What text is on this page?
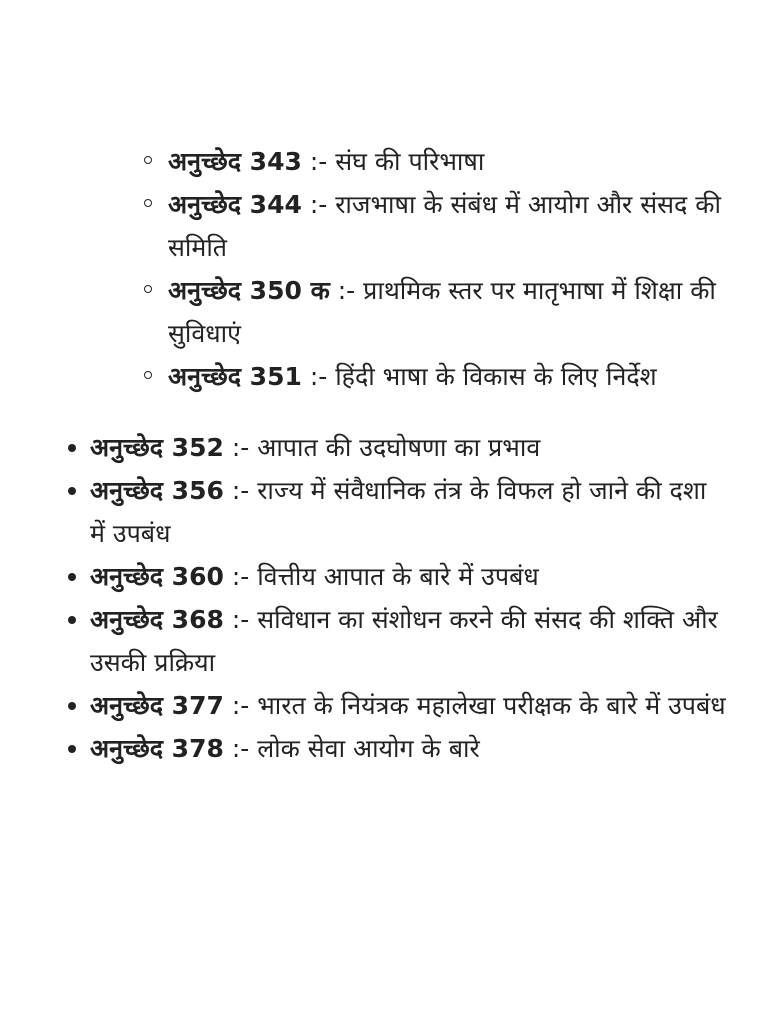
अनुच्छेद 343 :- संघ की परिभाषा
अनुच्छेद 344 :- राजभाषा के संबंध में आयोग और संसद की समिति
अनुच्छेद 350 क :- प्राथमिक स्तर पर मातृभाषा में शिक्षा की सुविधाएं
अनुच्छेद 351 :- हिंदी भाषा के विकास के लिए निर्देश
अनुच्छेद 352 :- आपात की उदघोषणा का प्रभाव
अनुच्छेद 356 :- राज्य में संवैधानिक तंत्र के विफल हो जाने की दशा में उपबंध
अनुच्छेद 360 :- वित्तीय आपात के बारे में उपबंध
अनुच्छेद 368 :- सविधान का संशोधन करने की संसद की शक्ति और उसकी प्रक्रिया
अनुच्छेद 377 :- भारत के नियंत्रक महालेखा परीक्षक के बारे में उपबंध
अनुच्छेद 378 :- लोक सेवा आयोग के बारे
